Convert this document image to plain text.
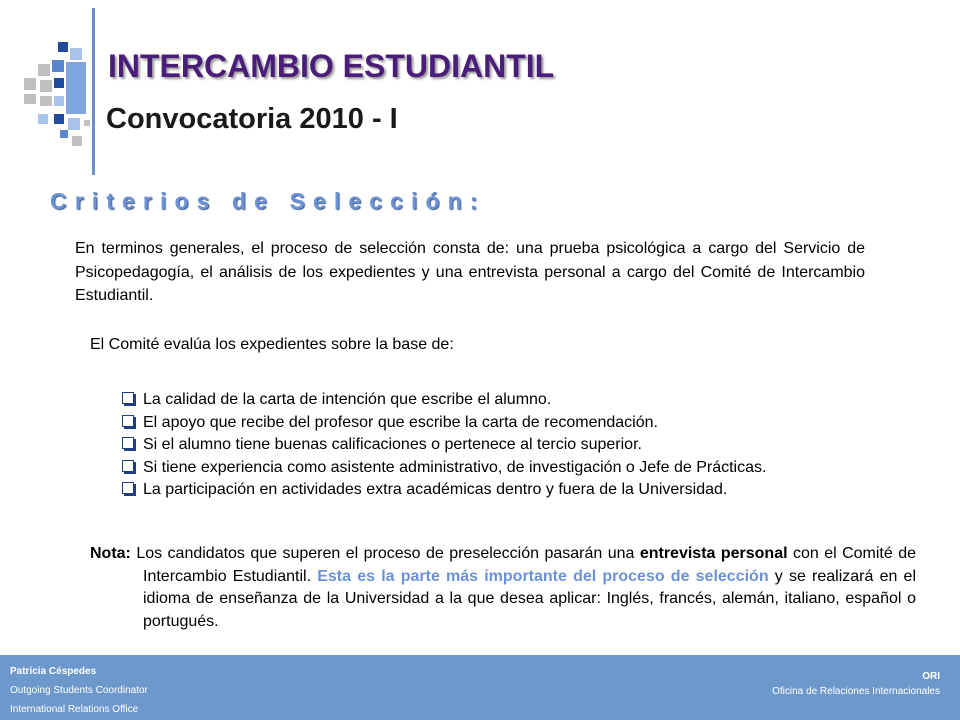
INTERCAMBIO ESTUDIANTIL
Convocatoria 2010 - I
Criterios de Selección:

En terminos generales, el proceso de selección consta de: una prueba psicológica a cargo del Servicio de Psicopedagogía, el análisis de los expedientes y una entrevista personal a cargo del Comité de Intercambio Estudiantil.

El Comité evalúa los expedientes sobre la base de:

La calidad de la carta de intención que escribe el alumno.
El apoyo que recibe del profesor que escribe la carta de recomendación.
Si el alumno tiene buenas calificaciones o pertenece al tercio superior.
Si tiene experiencia como asistente administrativo, de investigación o Jefe de Prácticas.
La participación en actividades extra académicas dentro y fuera de la Universidad.

Nota: Los candidatos que superen el proceso de preselección pasarán una entrevista personal con el Comité de Intercambio Estudiantil. Esta es la parte más importante del proceso de selección y se realizará en el idioma de enseñanza de la Universidad a la que desea aplicar: Inglés, francés, alemán, italiano, español o portugués.

Patricia Céspedes
Outgoing Students Coordinator
International Relations Office
ORI
Oficina de Relaciones Internacionales
